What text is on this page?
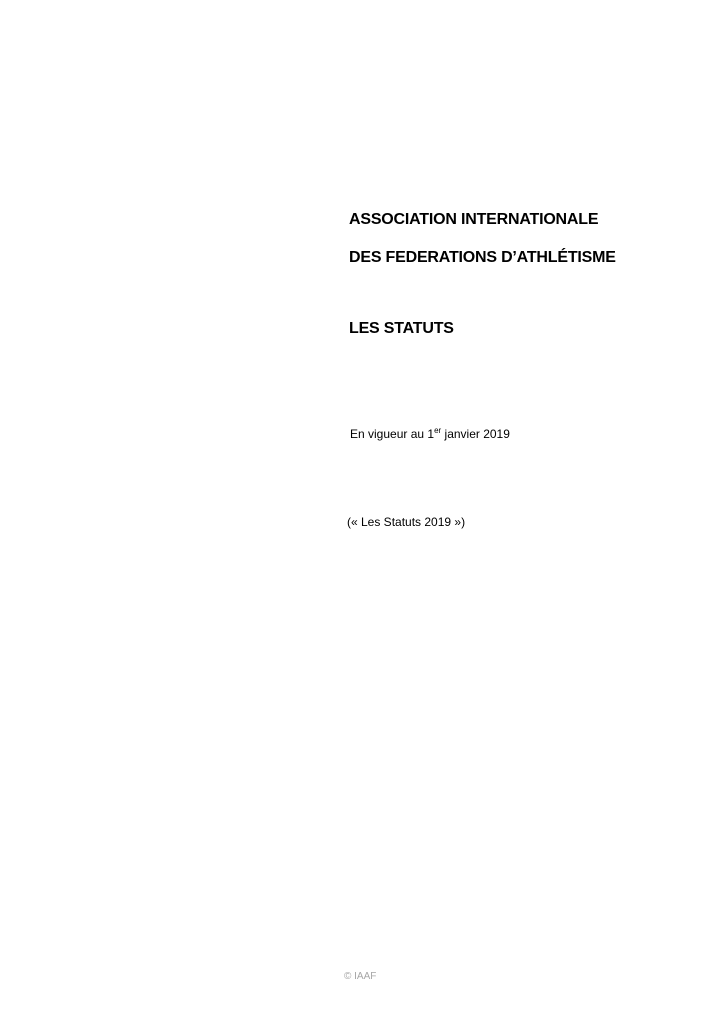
ASSOCIATION INTERNATIONALE
DES FEDERATIONS D’ATHLÉTISME
LES STATUTS
En vigueur au 1er janvier 2019
(« Les Statuts 2019 »)
© IAAF
